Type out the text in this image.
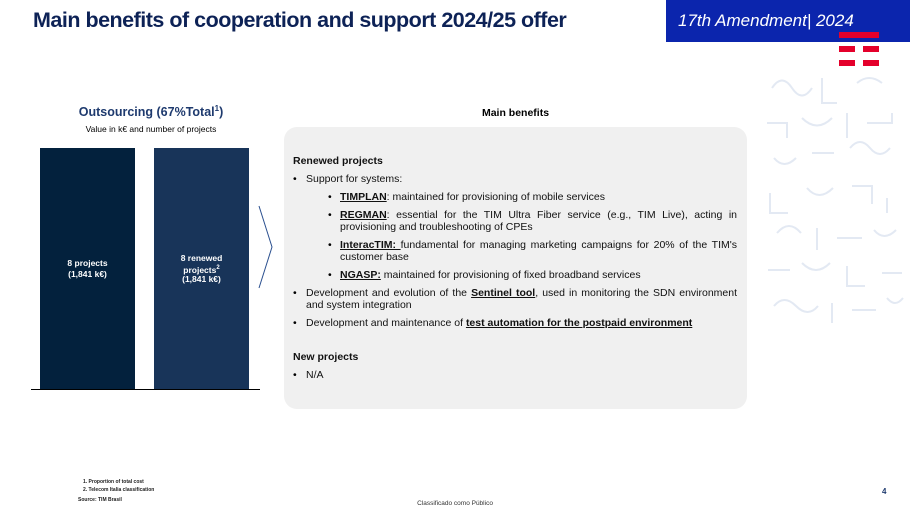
Main benefits of cooperation and support 2024/25 offer	17th Amendment| 2024
Outsourcing (67%Total$^1$)
Value in k€ and number of projects
8 projects
(1,841 k€)
8 renewed
projects$^2$
(1,841 k€)
Main benefits
Renewed projects
• Support for systems:
• TIMPLAN: maintained for provisioning of mobile services
• REGMAN: essential for the TIM Ultra Fiber service (e.g., TIM Live), acting in provisioning and troubleshooting of CPEs
• InteracTIM: fundamental for managing marketing campaigns for 20% of the TIM's customer base
• NGASP: maintained for provisioning of fixed broadband services
• Development and evolution of the Sentinel tool, used in monitoring the SDN environment and system integration
• Development and maintenance of test automation for the postpaid environment
New projects
• N/A
1. Proportion of total cost
2. Telecom Italia classification
Source: TIM Brasil	Classificado como Público
4
